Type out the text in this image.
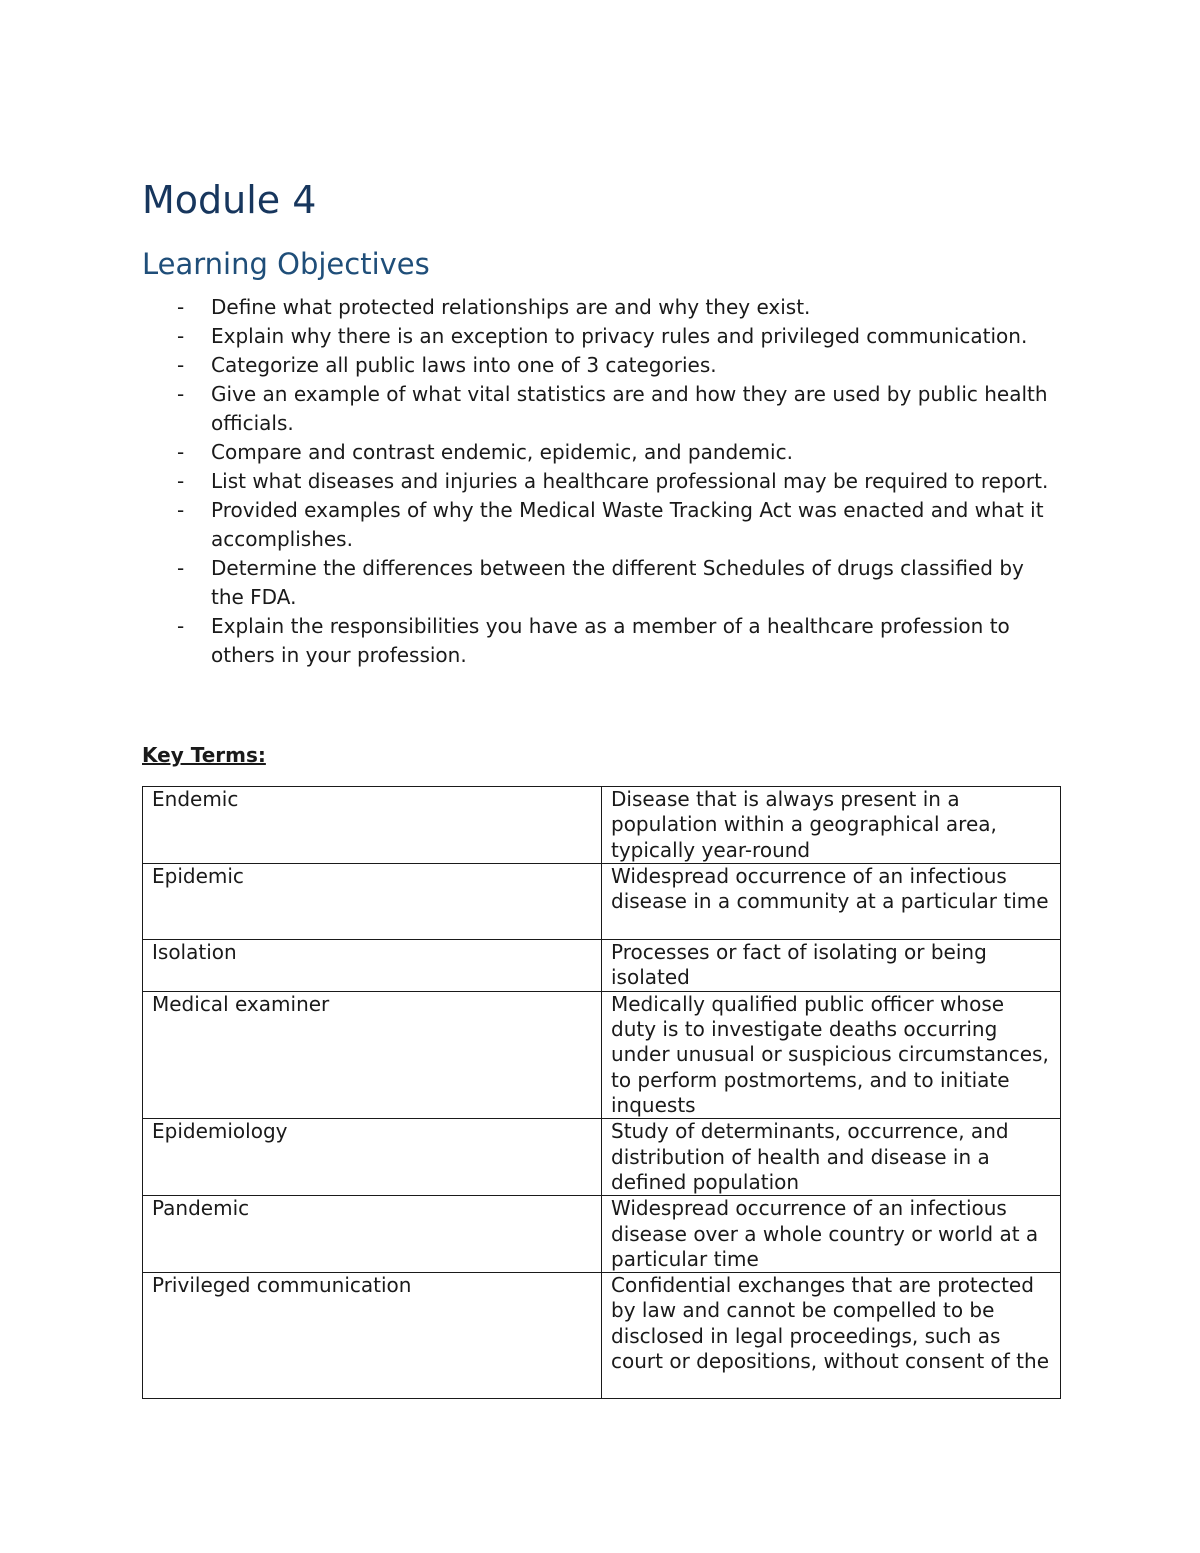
Module 4
Learning Objectives
- Define what protected relationships are and why they exist.
- Explain why there is an exception to privacy rules and privileged communication.
- Categorize all public laws into one of 3 categories.
- Give an example of what vital statistics are and how they are used by public health officials.
- Compare and contrast endemic, epidemic, and pandemic.
- List what diseases and injuries a healthcare professional may be required to report.
- Provided examples of why the Medical Waste Tracking Act was enacted and what it accomplishes.
- Determine the differences between the different Schedules of drugs classified by the FDA.
- Explain the responsibilities you have as a member of a healthcare profession to others in your profession.
Key Terms:
Endemic	Disease that is always present in a population within a geographical area, typically year-round
Epidemic	Widespread occurrence of an infectious disease in a community at a particular time
Isolation	Processes or fact of isolating or being isolated
Medical examiner	Medically qualified public officer whose duty is to investigate deaths occurring under unusual or suspicious circumstances, to perform postmortems, and to initiate inquests
Epidemiology	Study of determinants, occurrence, and distribution of health and disease in a defined population
Pandemic	Widespread occurrence of an infectious disease over a whole country or world at a particular time
Privileged communication	Confidential exchanges that are protected by law and cannot be compelled to be disclosed in legal proceedings, such as court or depositions, without consent of the
